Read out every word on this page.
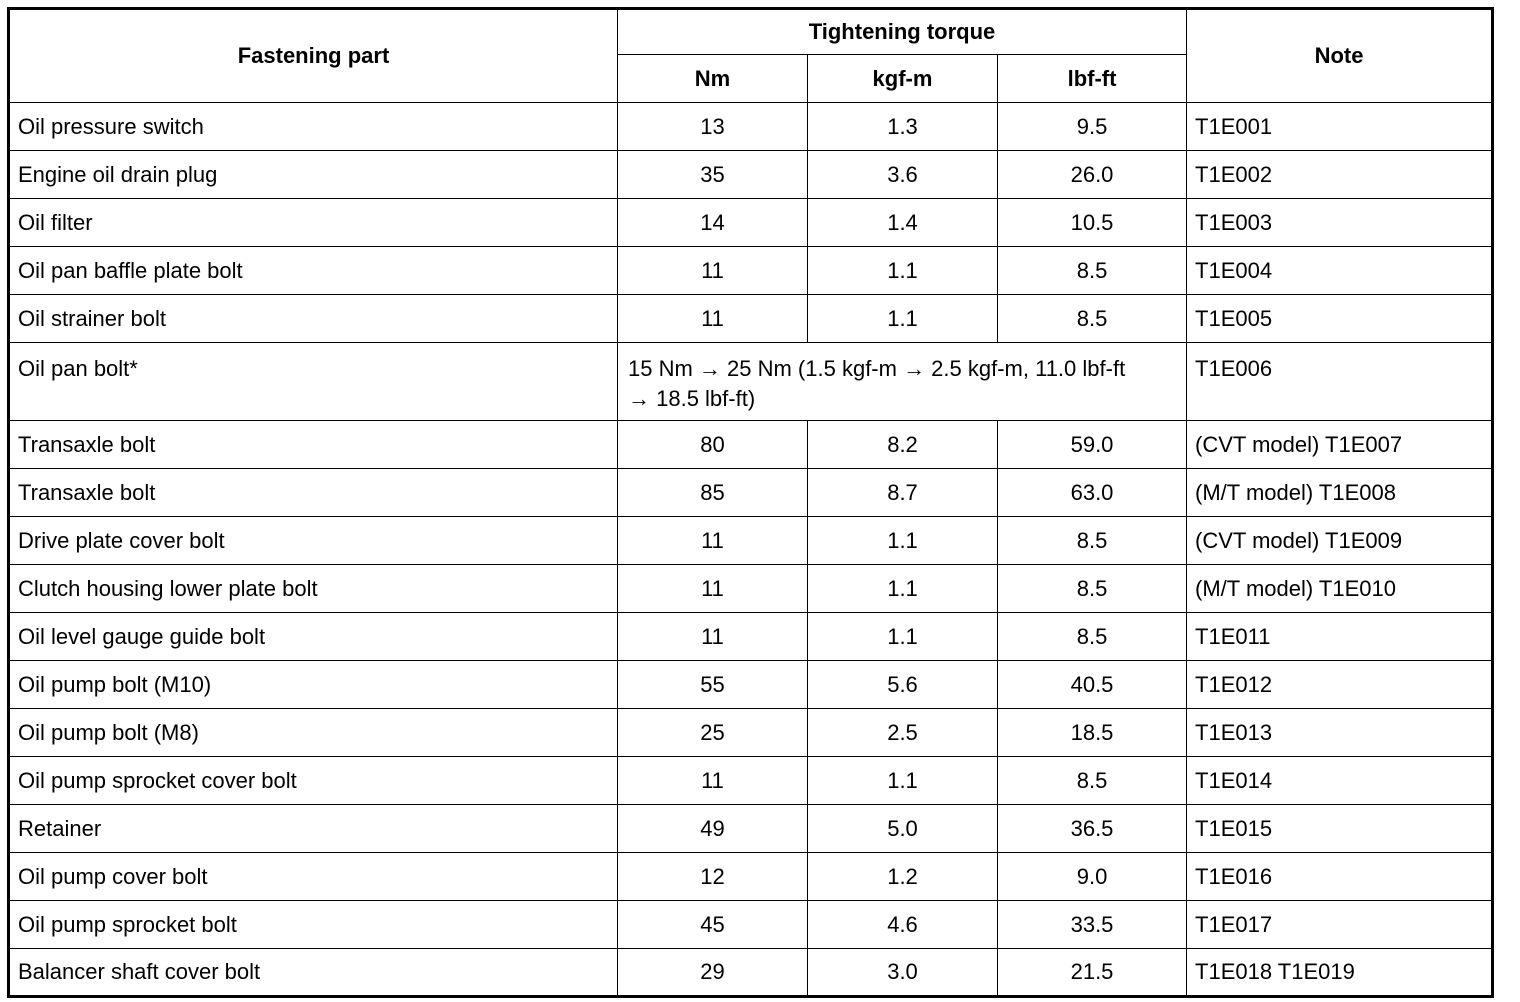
Fastening part	Tightening torque			Note
	Nm	kgf-m	lbf-ft	
Oil pressure switch	13	1.3	9.5	T1E001
Engine oil drain plug	35	3.6	26.0	T1E002
Oil filter	14	1.4	10.5	T1E003
Oil pan baffle plate bolt	11	1.1	8.5	T1E004
Oil strainer bolt	11	1.1	8.5	T1E005
Oil pan bolt*	15 Nm → 25 Nm (1.5 kgf-m → 2.5 kgf-m, 11.0 lbf-ft → 18.5 lbf-ft)			T1E006
Transaxle bolt	80	8.2	59.0	(CVT model) T1E007
Transaxle bolt	85	8.7	63.0	(M/T model) T1E008
Drive plate cover bolt	11	1.1	8.5	(CVT model) T1E009
Clutch housing lower plate bolt	11	1.1	8.5	(M/T model) T1E010
Oil level gauge guide bolt	11	1.1	8.5	T1E011
Oil pump bolt (M10)	55	5.6	40.5	T1E012
Oil pump bolt (M8)	25	2.5	18.5	T1E013
Oil pump sprocket cover bolt	11	1.1	8.5	T1E014
Retainer	49	5.0	36.5	T1E015
Oil pump cover bolt	12	1.2	9.0	T1E016
Oil pump sprocket bolt	45	4.6	33.5	T1E017
Balancer shaft cover bolt	29	3.0	21.5	T1E018 T1E019
